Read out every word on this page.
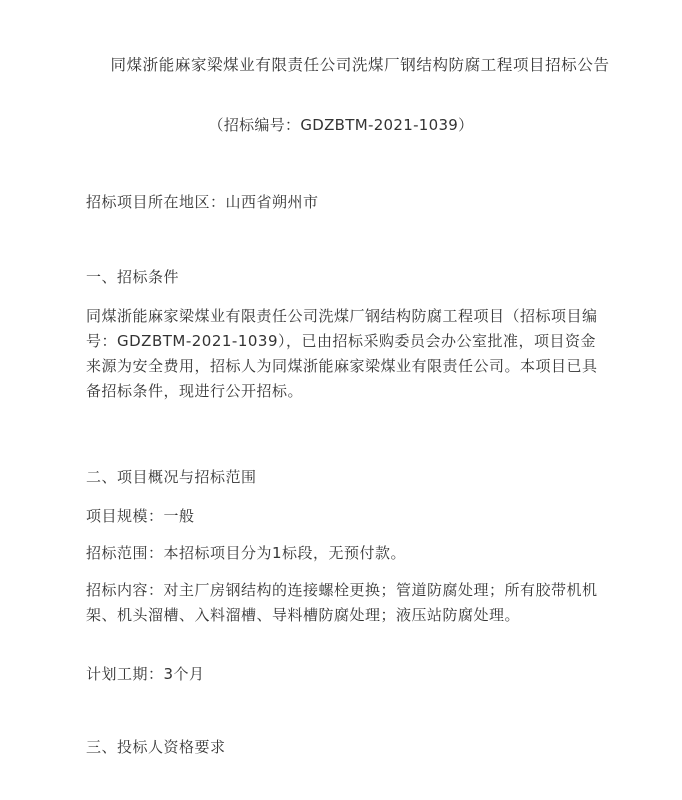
同煤浙能麻家梁煤业有限责任公司洗煤厂钢结构防腐工程项目招标公告
（招标编号：GDZBTM-2021-1039）
招标项目所在地区：山西省朔州市
一、招标条件
同煤浙能麻家梁煤业有限责任公司洗煤厂钢结构防腐工程项目（招标项目编号：GDZBTM-2021-1039），已由招标采购委员会办公室批准，项目资金来源为安全费用，招标人为同煤浙能麻家梁煤业有限责任公司。本项目已具备招标条件，现进行公开招标。
二、项目概况与招标范围
项目规模：一般
招标范围：本招标项目分为1标段，无预付款。
招标内容：对主厂房钢结构的连接螺栓更换；管道防腐处理；所有胶带机机架、机头溜槽、入料溜槽、导料槽防腐处理；液压站防腐处理。
计划工期：3个月
三、投标人资格要求
